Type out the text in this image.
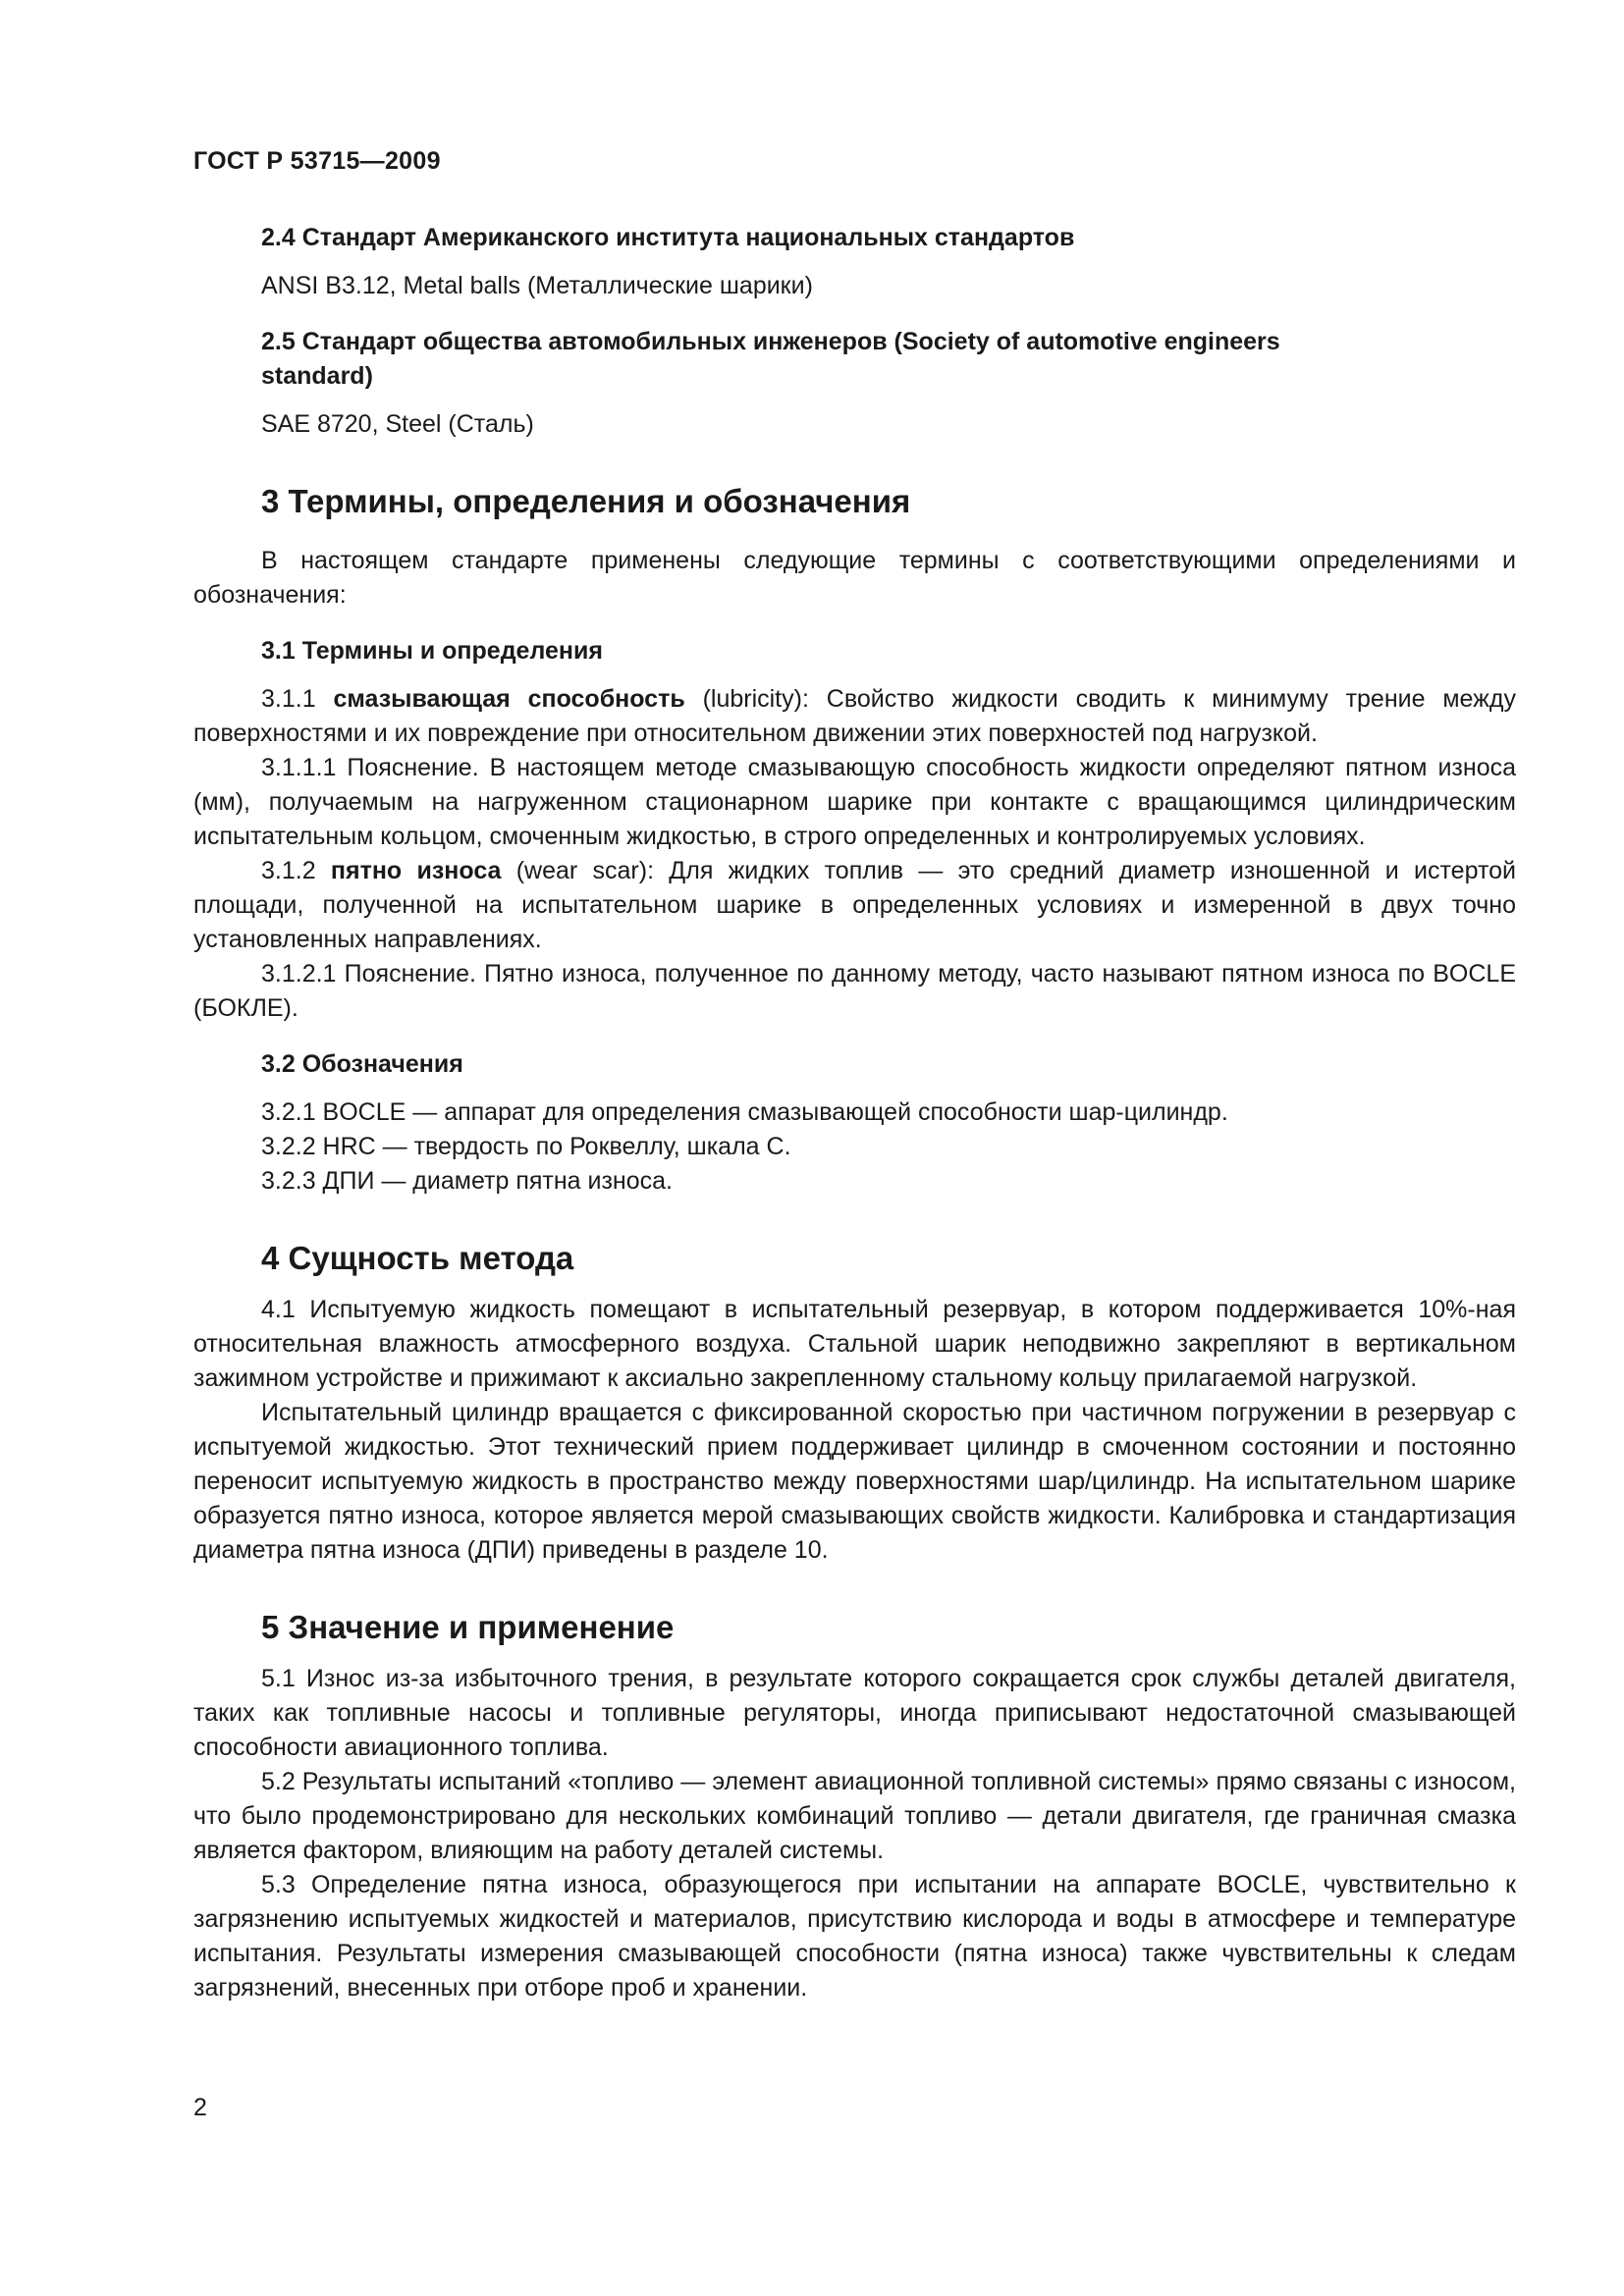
ГОСТ Р 53715—2009

2.4 Стандарт Американского института национальных стандартов

ANSI B3.12, Metal balls (Металлические шарики)

2.5 Стандарт общества автомобильных инженеров (Society of automotive engineers

standard)

SAE 8720, Steel (Сталь)

3 Термины, определения и обозначения

В настоящем стандарте применены следующие термины с соответствующими определениями и обозначения:

3.1 Термины и определения

3.1.1 смазывающая способность (lubricity): Свойство жидкости сводить к минимуму трение между поверхностями и их повреждение при относительном движении этих поверхностей под нагрузкой.

3.1.1.1 Пояснение. В настоящем методе смазывающую способность жидкости определяют пятном износа (мм), получаемым на нагруженном стационарном шарике при контакте с вращающимся цилиндрическим испытательным кольцом, смоченным жидкостью, в строго определенных и контролируемых условиях.

3.1.2 пятно износа (wear scar): Для жидких топлив — это средний диаметр изношенной и истертой площади, полученной на испытательном шарике в определенных условиях и измеренной в двух точно установленных направлениях.

3.1.2.1 Пояснение. Пятно износа, полученное по данному методу, часто называют пятном износа по BOCLE (БОКЛЕ).

3.2 Обозначения

3.2.1 BOCLE — аппарат для определения смазывающей способности шар-цилиндр.

3.2.2 HRC — твердость по Роквеллу, шкала С.

3.2.3 ДПИ — диаметр пятна износа.

4 Сущность метода

4.1 Испытуемую жидкость помещают в испытательный резервуар, в котором поддерживается 10%-ная относительная влажность атмосферного воздуха. Стальной шарик неподвижно закрепляют в вертикальном зажимном устройстве и прижимают к аксиально закрепленному стальному кольцу прилагаемой нагрузкой.

Испытательный цилиндр вращается с фиксированной скоростью при частичном погружении в резервуар с испытуемой жидкостью. Этот технический прием поддерживает цилиндр в смоченном состоянии и постоянно переносит испытуемую жидкость в пространство между поверхностями шар/цилиндр. На испытательном шарике образуется пятно износа, которое является мерой смазывающих свойств жидкости. Калибровка и стандартизация диаметра пятна износа (ДПИ) приведены в разделе 10.

5 Значение и применение

5.1 Износ из-за избыточного трения, в результате которого сокращается срок службы деталей двигателя, таких как топливные насосы и топливные регуляторы, иногда приписывают недостаточной смазывающей способности авиационного топлива.

5.2 Результаты испытаний «топливо — элемент авиационной топливной системы» прямо связаны с износом, что было продемонстрировано для нескольких комбинаций топливо — детали двигателя, где граничная смазка является фактором, влияющим на работу деталей системы.

5.3 Определение пятна износа, образующегося при испытании на аппарате BOCLE, чувствительно к загрязнению испытуемых жидкостей и материалов, присутствию кислорода и воды в атмосфере и температуре испытания. Результаты измерения смазывающей способности (пятна износа) также чувствительны к следам загрязнений, внесенных при отборе проб и хранении.

2
